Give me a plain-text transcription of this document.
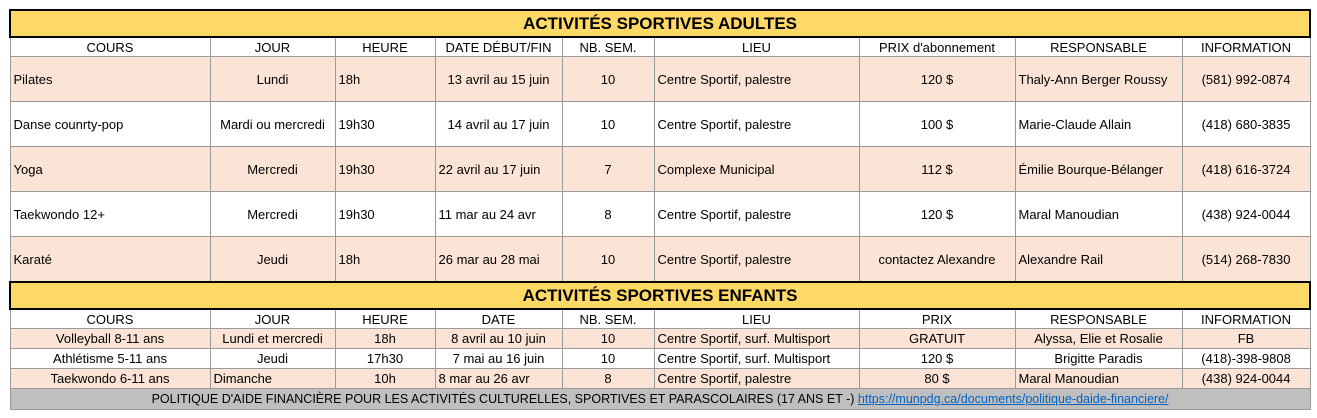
ACTIVITÉS SPORTIVES ADULTES								
COURS	JOUR	HEURE	DATE DÉBUT/FIN	NB. SEM.	LIEU	PRIX d'abonnement	RESPONSABLE	INFORMATION
Pilates	Lundi	18h	13 avril au 15 juin	10	Centre Sportif, palestre	120 $	Thaly-Ann Berger Roussy	(581) 992-0874
Danse counrty-pop	Mardi ou mercredi	19h30	14 avril au 17 juin	10	Centre Sportif, palestre	100 $	Marie-Claude Allain	(418) 680-3835
Yoga	Mercredi	19h30	22 avril au 17 juin	7	Complexe Municipal	112 $	Émilie Bourque-Bélanger	(418) 616-3724
Taekwondo 12+	Mercredi	19h30	11 mar au 24 avr	8	Centre Sportif, palestre	120 $	Maral Manoudian	(438) 924-0044
Karaté	Jeudi	18h	26 mar au 28 mai	10	Centre Sportif, palestre	contactez Alexandre	Alexandre Rail	(514) 268-7830
ACTIVITÉS SPORTIVES ENFANTS								
COURS	JOUR	HEURE	DATE	NB. SEM.	LIEU	PRIX	RESPONSABLE	INFORMATION
Volleyball 8-11 ans	Lundi et mercredi	18h	8 avril au 10 juin	10	Centre Sportif, surf. Multisport	GRATUIT	Alyssa, Elie et Rosalie	FB
Athlétisme 5-11 ans	Jeudi	17h30	7 mai au 16 juin	10	Centre Sportif, surf. Multisport	120 $	Brigitte Paradis	(418)-398-9808
Taekwondo 6-11 ans	Dimanche	10h	8 mar au 26 avr	8	Centre Sportif, palestre	80 $	Maral Manoudian	(438) 924-0044
POLITIQUE D'AIDE FINANCIÈRE POUR LES ACTIVITÉS CULTURELLES, SPORTIVES ET PARASCOLAIRES (17 ANS ET -) https://munpdg.ca/documents/politique-daide-financiere/								
